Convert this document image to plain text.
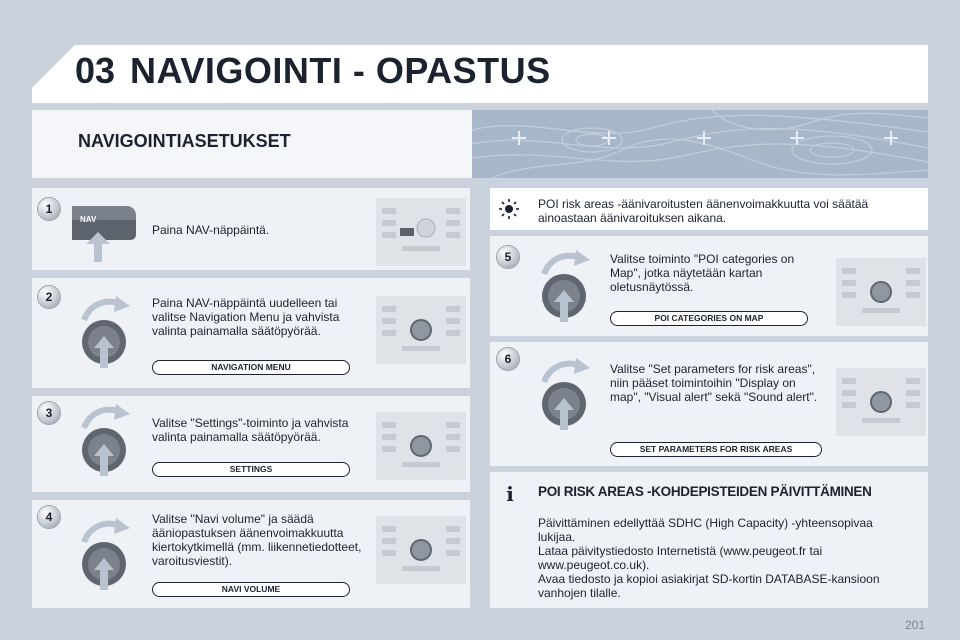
03 NAVIGOINTI - OPASTUS
NAVIGOINTIASETUKSET
1
2
3
4
5
6
NAV
Paina NAV-näppäintä.
Paina NAV-näppäintä uudelleen tai valitse Navigation Menu ja vahvista valinta painamalla säätöpyörää.
NAVIGATION MENU
Valitse "Settings"-toiminto ja vahvista valinta painamalla säätöpyörää.
SETTINGS
Valitse "Navi volume" ja säädä ääniopastuksen äänenvoimakkuutta kiertokytkimellä (mm. liikennetiedotteet, varoitusviestit).
NAVI VOLUME
POI risk areas -äänivaroitusten äänenvoimakkuutta voi säätää ainoastaan äänivaroituksen aikana.
Valitse toiminto "POI categories on Map", jotka näytetään kartan oletusnäytössä.
POI CATEGORIES ON MAP
Valitse "Set parameters for risk areas", niin pääset toimintoihin "Display on map", "Visual alert" sekä "Sound alert".
SET PARAMETERS FOR RISK AREAS
i	POI RISK AREAS -KOHDEPISTEIDEN PÄIVITTÄMINEN
Päivittäminen edellyttää SDHC (High Capacity) -yhteensopivaa lukijaa.
Lataa päivitystiedosto Internetistä (www.peugeot.fr tai www.peugeot.co.uk).
Avaa tiedosto ja kopioi asiakirjat SD-kortin DATABASE-kansioon vanhojen tilalle.
201
